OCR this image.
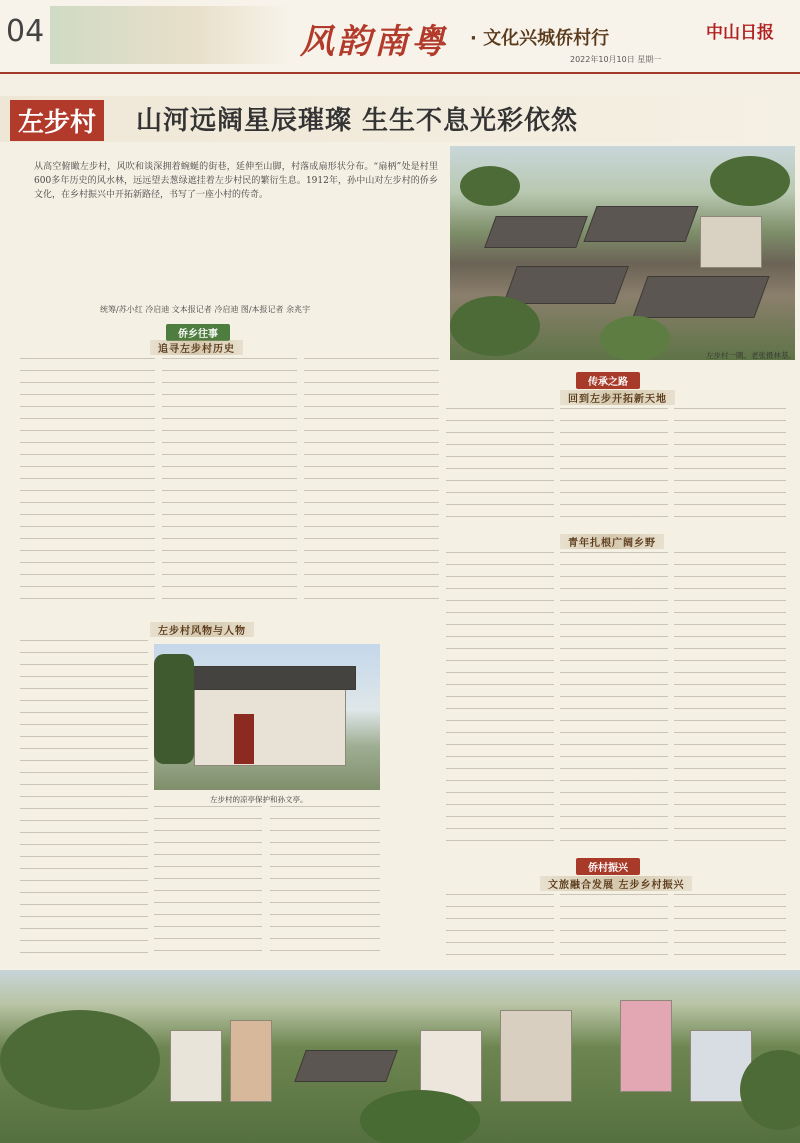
04	风韵南粤 · 文化兴城侨村行	中山日报
2022年10月10日 星期一
左步村	山河远阔星辰璀璨 生生不息光彩依然
从高空俯瞰左步村，风吹和谈深拥着蜿蜒的街巷，延伸至山脚，村落成扇形状分布。“扇柄”处是村里600多年历史的风水林，远远望去葱绿遮挂着左步村民的繁衍生息。1912年，孙中山对左步村的侨乡文化，在乡村振兴中开拓新路径，书写了一座小村的传奇。
统筹/苏小红 冷启迪 文本报记者 冷启迪 图/本报记者 余兆宇
左步村一隅。老张摄林基。
侨乡往事
追寻左步村历史
传承之路
回到左步开拓新天地
青年扎根广阔乡野
左步村风物与人物
左步村的凉亭保护和孙文亭。
侨村振兴
文旅融合发展 左步乡村振兴
